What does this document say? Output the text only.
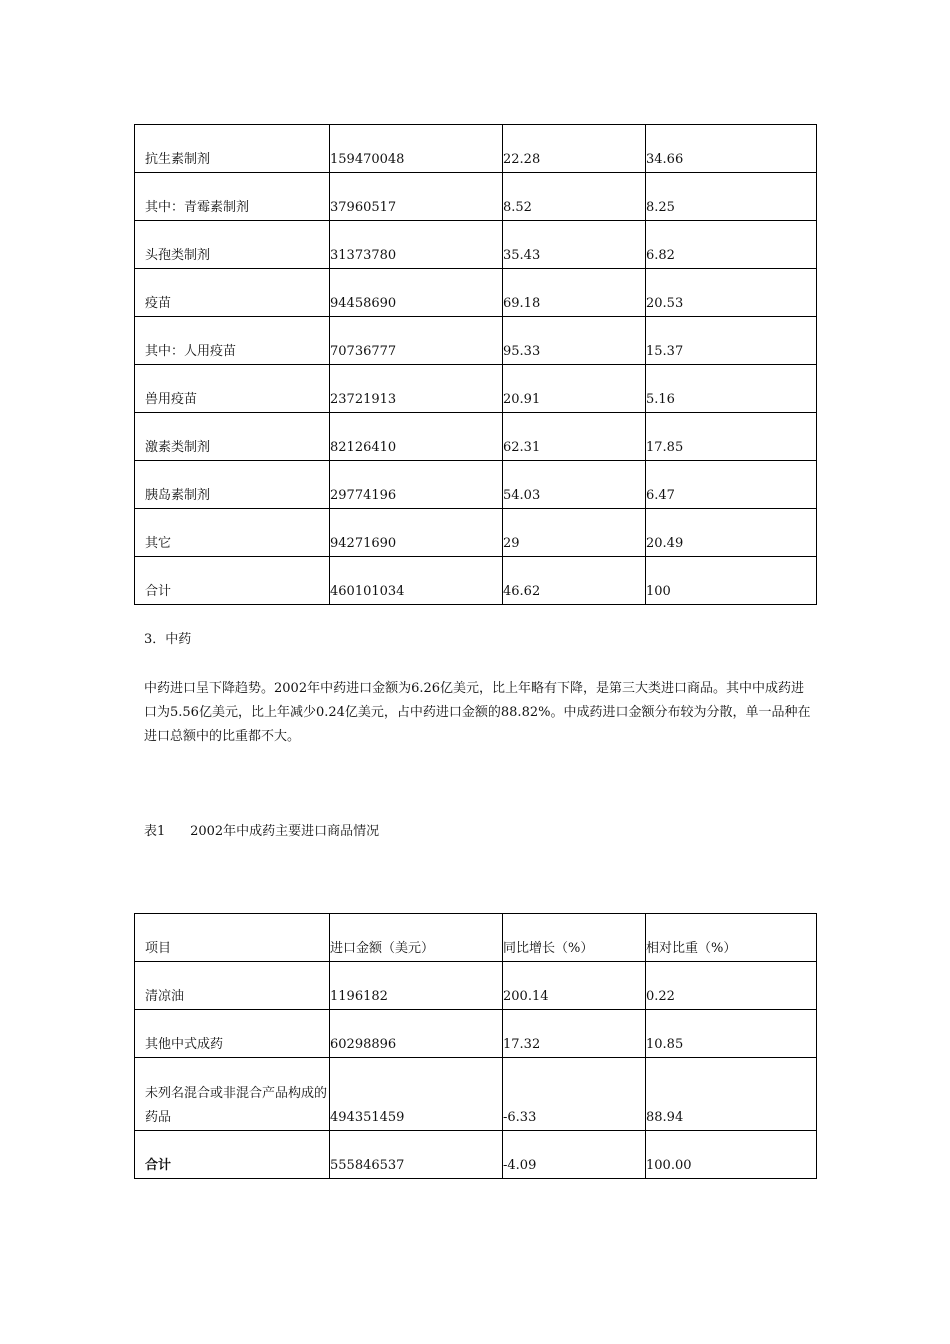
抗生素制剂	159470048	22.28	34.66
其中：青霉素制剂	37960517	8.52	8.25
头孢类制剂	31373780	35.43	6.82
疫苗	94458690	69.18	20.53
其中：人用疫苗	70736777	95.33	15.37
兽用疫苗	23721913	20.91	5.16
激素类制剂	82126410	62.31	17.85
胰岛素制剂	29774196	54.03	6.47
其它	94271690	29	20.49
合计	460101034	46.62	100
3．中药

中药进口呈下降趋势。2002年中药进口金额为6.26亿美元，比上年略有下降，是第三大类进口商品。其中中成药进口为5.56亿美元，比上年减少0.24亿美元，占中药进口金额的88.82%。中成药进口金额分布较为分散，单一品种在进口总额中的比重都不大。

表1      2002年中成药主要进口商品情况
项目	进口金额（美元）	同比增长（%）	相对比重（%）
清凉油	1196182	200.14	0.22
其他中式成药	60298896	17.32	10.85
未列名混合或非混合产品构成的药品	494351459	-6.33	88.94
合计	555846537	-4.09	100.00
